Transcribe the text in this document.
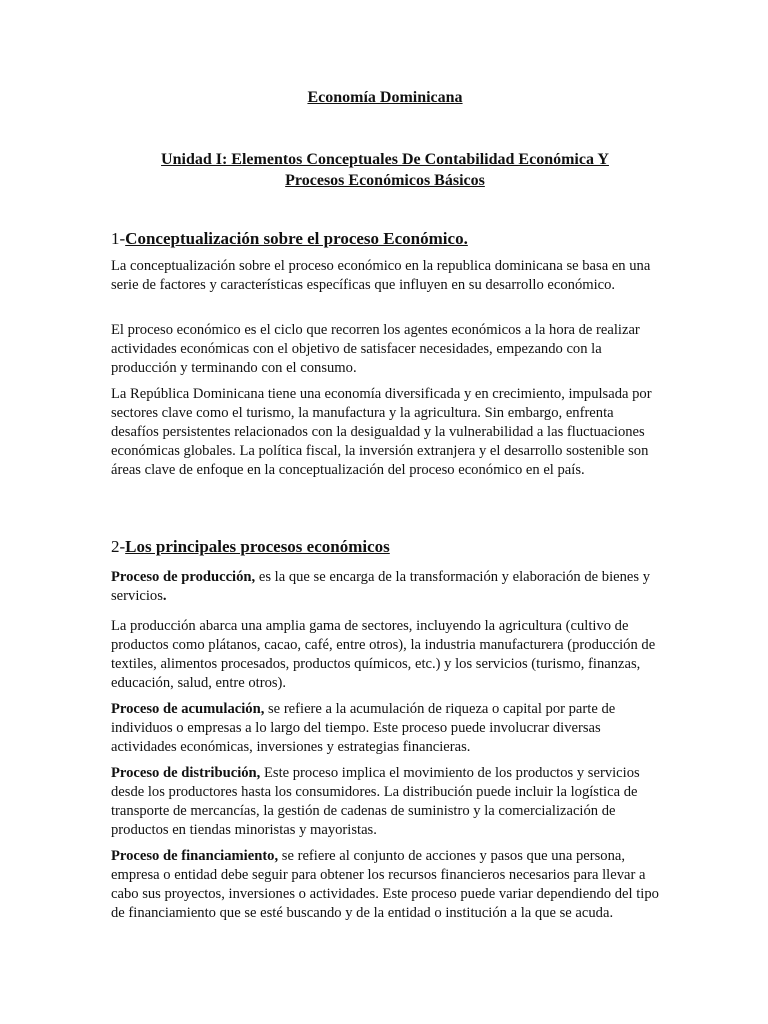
Economía Dominicana
Unidad I: Elementos Conceptuales De Contabilidad Económica Y
Procesos Económicos Básicos
1-Conceptualización sobre el proceso Económico.

La conceptualización sobre el proceso económico en la republica dominicana se basa en una serie de factores y características específicas que influyen en su desarrollo económico.

El proceso económico es el ciclo que recorren los agentes económicos a la hora de realizar actividades económicas con el objetivo de satisfacer necesidades, empezando con la producción y terminando con el consumo.

La República Dominicana tiene una economía diversificada y en crecimiento, impulsada por sectores clave como el turismo, la manufactura y la agricultura. Sin embargo, enfrenta desafíos persistentes relacionados con la desigualdad y la vulnerabilidad a las fluctuaciones económicas globales. La política fiscal, la inversión extranjera y el desarrollo sostenible son áreas clave de enfoque en la conceptualización del proceso económico en el país.

2-Los principales procesos económicos

Proceso de producción, es la que se encarga de la transformación y elaboración de bienes y servicios.

La producción abarca una amplia gama de sectores, incluyendo la agricultura (cultivo de productos como plátanos, cacao, café, entre otros), la industria manufacturera (producción de textiles, alimentos procesados, productos químicos, etc.) y los servicios (turismo, finanzas, educación, salud, entre otros).

Proceso de acumulación, se refiere a la acumulación de riqueza o capital por parte de individuos o empresas a lo largo del tiempo. Este proceso puede involucrar diversas actividades económicas, inversiones y estrategias financieras.

Proceso de distribución, Este proceso implica el movimiento de los productos y servicios desde los productores hasta los consumidores. La distribución puede incluir la logística de transporte de mercancías, la gestión de cadenas de suministro y la comercialización de productos en tiendas minoristas y mayoristas.

Proceso de financiamiento, se refiere al conjunto de acciones y pasos que una persona, empresa o entidad debe seguir para obtener los recursos financieros necesarios para llevar a cabo sus proyectos, inversiones o actividades. Este proceso puede variar dependiendo del tipo de financiamiento que se esté buscando y de la entidad o institución a la que se acuda.
